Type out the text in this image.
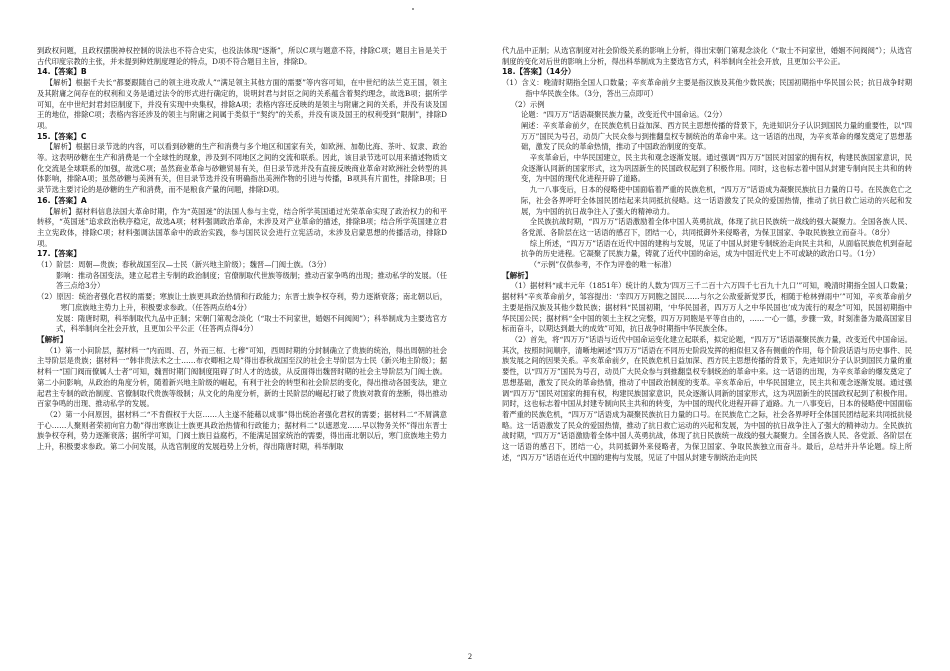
到政权问题，且政权摆脱神权控制的说法也不符合史实，也没法体现“逐渐”，所以C项与题意不符，排除C项；题目主旨是关于古代印度宗教的主张，并未提到种姓制度理论的特点，D项不符合题目主旨，排除D。

14.【答案】B

【解析】根据千夫长“都要跟随自己的领主进攻敌人”“满足领主其他方面的需要”等内容可知，在中世纪的法兰克王国，领主及其附庸之间存在的权利和义务是通过法令的形式进行确定的，说明封君与封臣之间的关系蕴含着契约理念，故选B项；据所学可知，在中世纪封君封臣制度下，并没有实现中央集权，排除A项；表格内容还反映的是领主与附庸之间的关系，并没有谈及国王的地位，排除C项；表格内容还涉及的领主与附庸之间属于类似于“契约”的关系，并没有谈及国王的权利受到“限制”，排除D项。

15.【答案】C

【解析】根据日录节选的内容，可以看到砂糖的生产和消费与多个地区和国家有关，如欧洲、加勒比海、茶叶、奴隶、政治等。这表明砂糖在生产和消费是一个全球性的现象，涉及到不同地区之间的交流和联系。因此，该目录节选可以用来描述物质文化交流是全球联系的加强，故选C项；虽然商业革命与砂糖贸易有关，但日录节选并没有直接反映商业革命对欧洲社会转型的具体影响，排除A项；虽然砂糖与美洲有关，但目录节选并没有明确指出美洲作物的引进与传播，B项具有片面性，排除B项；日录节选主要讨论的是砂糖的生产和消费，而不是粮食产量的问题，排除D项。

16.【答案】A

【解析】据材料信息法国大革命时期，作为“英国迷”的法国人参与主党，结合所学英国通过光荣革命实现了政治权力的和平转移，“英国迷”追求政治秩序稳定，故选A项；材料强调政治革命，未涉及对产业革命的描述，排除B项；结合所学英国建立君主立宪政体，排除C项；材料强调法国革命中的政治实践，参与国民议会进行立宪活动，未涉及启蒙思想的传播活动，排除D项。

17.【答案】

（1）阶层：周朝—贵族；春秋战国至汉—士民（新兴地主阶级）；魏晋—门阀士族。（3分）

影响：推动各国变法，建立起君主专制的政治制度；官僚制取代世族等级制；推动百家争鸣的出现；推动私学的发展。（任答三点给3分）

（2）原因：统治者强化君权的需要；寒族让士族更具政治热情和行政能力；东晋士族争权夺利，势力逐渐衰落；南北朝以后，寒门庶族地主势力上升，积极要求参政。（任答两点给4分）

发展：隋唐时期，科举制取代九品中正制；宋朝门第观念淡化（“取士不问家世，婚姻不问阀阅”）；科举制成为主要选官方式，科举制向全社会开放，且更加公平公正（任答两点得4分）

【解析】

（1）第一小问阶层，据材料一“内而周、召，外而三桓、七穆”可知，西周时期的分封制确立了贵族的统治，得出周朝的社会主导阶层是贵族；据材料一“韩非贵法术之士……布衣卿相之局”得出春秋战国至汉的社会主导阶层为士民（新兴地主阶级）；据材料一“国门阀而僚属人士者”可知，魏晋时期门阀制度阻碍了时人才的选拔，从反面得出魏晋时期的社会主导阶层为门阀士族。第二小问影响，从政治的角度分析，随着新兴地主阶级的崛起，有利于社会的转型和社会阶层的变化，得出推动各国变法，建立起君主专制的政治制度、官僚制取代贵族等级制；从文化的角度分析，新的士民阶层的崛起打破了贵族对教育的垄断，得出推动百家争鸣的出现、推动私学的发展。

（2）第一小问原因，据材料二“不肯假权于大臣……人主遂不能藉以成事”得出统治者强化君权的需要；据材料二“不屑满意于心……人聚则者荣初向官力勒”得出寒族让士族更具政治热情和行政能力；据材料二“以遮恩宠……早以物务关怀”得出东晋士族争权夺利，势力逐渐衰落；据所学可知，门阀士族日益腐朽，不能满足国家统治的需要，得出南北朝以后，寒门庶族地主势力上升，积极要求参政。第二小问发展，从选官制度的发展趋势上分析，得出隋唐时期，科举制取

代九品中正制；从选官制度对社会阶级关系的影响上分析，得出宋朝门第观念淡化（“取士不问家世，婚姻不问阀阅”）；从选官制度的变化对后世的影响上分析，得出科举制成为主要选官方式，科举制向全社会开放，且更加公平公正。

18.【答案】（14分）

（1）含义：晚清时期指全国人口数量；辛亥革命前夕主要是指汉族及其他少数民族；民国初期指中华民国公民；抗日战争时期指中华民族全体。（3分，答出三点即可）

（2）示例

论题：“四万万”话语凝聚民族力量，改变近代中国命运。（2分）

阐述：辛亥革命前夕，在民族危机日益加深、西方民主思想传播的背景下，先进知识分子认识到国民力量的重要性，以“四万万”国民为号召，动员广大民众参与到推翻皇权专制统治的革命中来。这一话语的出现，为辛亥革命的爆发奠定了思想基础，激发了民众的革命热情，推动了中国政治制度的变革。

辛亥革命后，中华民国建立，民主共和观念逐渐发展。通过强调“四万万”国民对国家的拥有权，构建民族国家意识，民众逐渐认同新的国家形式，这为巩固新生的民国政权起到了积极作用。同时，这也标志着中国从封建专制向民主共和的转变，为中国的现代化进程开辟了道路。

九一八事变后，日本的侵略使中国面临着严重的民族危机，“四万万”话语成为凝聚民族抗日力量的口号。在民族危亡之际，社会各界呼吁全体国民团结起来共同抵抗侵略。这一话语激发了民众的爱国热情，推动了抗日救亡运动的兴起和发展，为中国的抗日战争注入了强大的精神动力。

全民族抗战时期，“四万万”话语激励着全体中国人英勇抗战，体现了抗日民族统一战线的强大凝聚力。全国各族人民、各党派、各阶层在这一话语的感召下，团结一心，共同抵御外来侵略者，为保卫国家、争取民族独立而奋斗。（8分）

综上所述，“四万万”话语在近代中国的建构与发展，见证了中国从封建专制统治走向民主共和，从面临民族危机到奋起抗争的历史进程。它凝聚了民族力量，铸就了近代中国的命运，成为中国近代史上不可或缺的政治口号。（1分）

（“示例”仅供参考，不作为评卷的唯一标准）

【解析】

（1）据材料“咸丰元年（1851年）统计的人数为‘四万三千二百十六万四千七百九十九口’”可知，晚清时期指全国人口数量；据材料“辛亥革命前夕，邹容提出：‘幸四万万同胞之国民……与尔之公敌爱新觉罗氏，相随于枪林弹雨中’”可知，辛亥革命前夕主要是指汉族及其他少数民族；据材料“民国初期，‘中华民国者，四万万人之中华民国也’成为流行的观念”可知，民国初期指中华民国公民；据材料“全中国的领土主权之完整，四万万同胞是平等自由的，……一心一德，步骤一致，时刻准备为最高国家目标而奋斗，以期达到最大的成效”可知，抗日战争时期指中华民族全体。

（2）首先，将“四万万”话语与近代中国命运变化建立起联系，拟定论题，“四万万”话语凝聚民族力量，改变近代中国命运。其次，按照时间顺序，清晰地阐述“四万万”话语在不同历史阶段发挥的相似但又各有侧重的作用，每个阶段话语与历史事件、民族发展之间的因果关系。辛亥革命前夕，在民族危机日益加深、西方民主思想传播的背景下，先进知识分子认识到国民力量的重要性，以“四万万”国民为号召，动员广大民众参与到推翻皇权专制统治的革命中来。这一话语的出现，为辛亥革命的爆发奠定了思想基础，激发了民众的革命热情，推动了中国政治制度的变革。辛亥革命后，中华民国建立，民主共和观念逐渐发展。通过强调“四万万”国民对国家的拥有权，构建民族国家意识，民众逐渐认同新的国家形式，这为巩固新生的民国政权起到了积极作用。同时，这也标志着中国从封建专制向民主共和的转变，为中国的现代化进程开辟了道路。九一八事变后，日本的侵略使中国面临着严重的民族危机，“四万万”话语成为凝聚民族抗日力量的口号。在民族危亡之际，社会各界呼吁全体国民团结起来共同抵抗侵略。这一话语激发了民众的爱国热情，推动了抗日救亡运动的兴起和发展，为中国的抗日战争注入了强大的精神动力。全民族抗战时期，“四万万”话语激励着全体中国人英勇抗战，体现了抗日民族统一战线的强大凝聚力。全国各族人民、各党派、各阶层在这一话语的感召下，团结一心，共同抵御外来侵略者，为保卫国家、争取民族独立而奋斗。最后，总结并升华论题。综上所述，“四万万”话语在近代中国的建构与发展，见证了中国从封建专制统治走向民

2
